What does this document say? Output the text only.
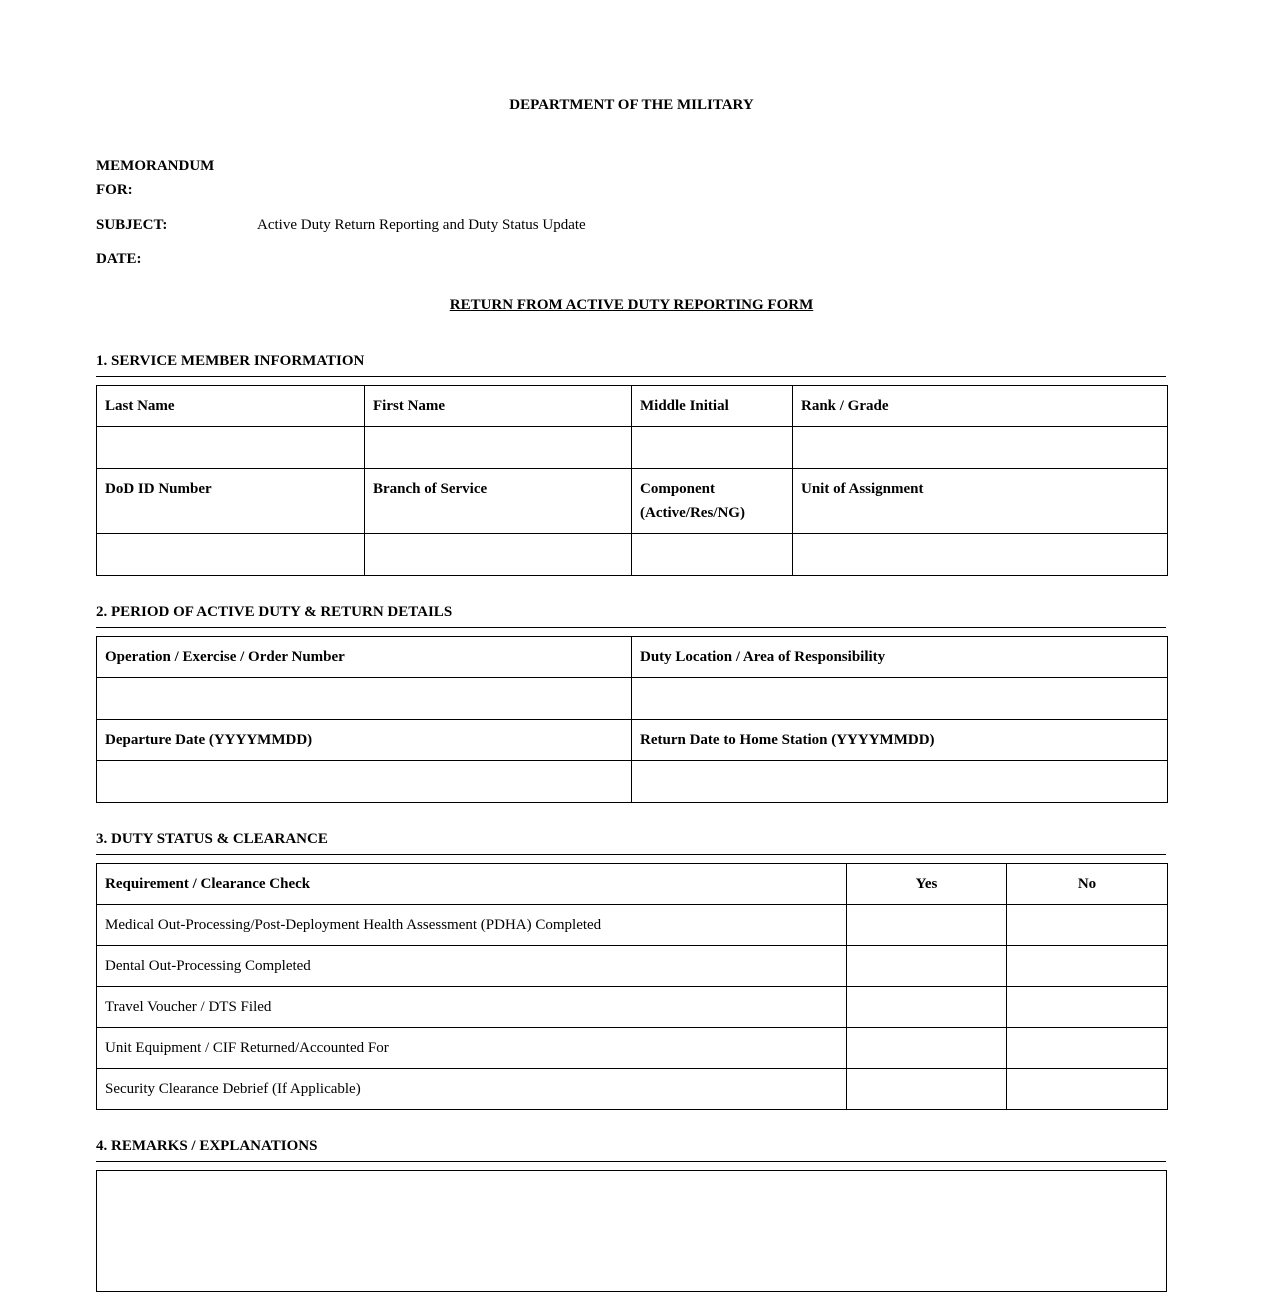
DEPARTMENT OF THE MILITARY
MEMORANDUM
FOR:
SUBJECT:	Active Duty Return Reporting and Duty Status Update
DATE:
RETURN FROM ACTIVE DUTY REPORTING FORM
1. SERVICE MEMBER INFORMATION
Last Name	First Name	Middle Initial	Rank / Grade

DoD ID Number	Branch of Service	Component (Active/Res/NG)	Unit of Assignment

2. PERIOD OF ACTIVE DUTY & RETURN DETAILS
Operation / Exercise / Order Number	Duty Location / Area of Responsibility

Departure Date (YYYYMMDD)	Return Date to Home Station (YYYYMMDD)

3. DUTY STATUS & CLEARANCE
Requirement / Clearance Check	Yes	No
Medical Out-Processing/Post-Deployment Health Assessment (PDHA) Completed		
Dental Out-Processing Completed		
Travel Voucher / DTS Filed		
Unit Equipment / CIF Returned/Accounted For		
Security Clearance Debrief (If Applicable)		
4. REMARKS / EXPLANATIONS
